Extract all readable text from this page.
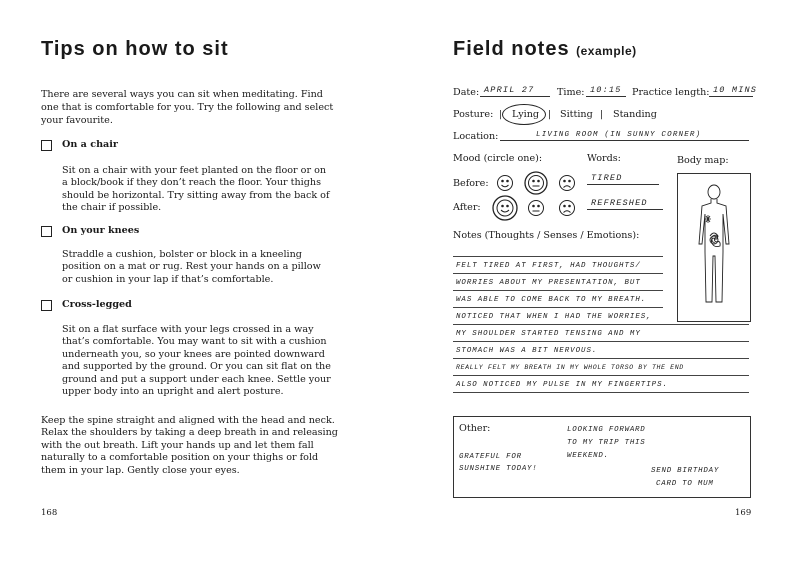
Tips on how to sit
There are several ways you can sit when meditating. Find one that is comfortable for you. Try the following and select your favourite.
On a chair
Sit on a chair with your feet planted on the floor or on a block/book if they don’t reach the floor. Your thighs should be horizontal. Try sitting away from the back of the chair if possible.
On your knees
Straddle a cushion, bolster or block in a kneeling position on a mat or rug. Rest your hands on a pillow or cushion in your lap if that’s comfortable.
Cross-legged
Sit on a flat surface with your legs crossed in a way that’s comfortable. You may want to sit with a cushion underneath you, so your knees are pointed downward and supported by the ground. Or you can sit flat on the ground and put a support under each knee. Settle your upper body into an upright and alert posture.
Keep the spine straight and aligned with the head and neck. Relax the shoulders by taking a deep breath in and releasing with the out breath. Lift your hands up and let them fall naturally to a comfortable position on your thighs or fold them in your lap. Gently close your eyes.
168
Field notes (example)
Date: APRIL 27 Time: 10:15 Practice length: 10 MINS
Posture: | Lying | Sitting | Standing
Location:	LIVING ROOM (IN SUNNY CORNER)
Mood (circle one):	Words:	Body map:
Before:	TIRED
After:	REFRESHED
Notes (Thoughts / Senses / Emotions):
FELT TIRED AT FIRST, HAD THOUGHTS/
WORRIES ABOUT MY PRESENTATION, BUT
WAS ABLE TO COME BACK TO MY BREATH.
NOTICED THAT WHEN I HAD THE WORRIES,
MY SHOULDER STARTED TENSING AND MY
STOMACH WAS A BIT NERVOUS.
REALLY FELT MY BREATH IN MY WHOLE TORSO BY THE END
ALSO NOTICED MY PULSE IN MY FINGERTIPS.
Other:
GRATEFUL FOR
SUNSHINE TODAY!
LOOKING FORWARD
TO MY TRIP THIS
WEEKEND.
SEND BIRTHDAY
CARD TO MUM
169
